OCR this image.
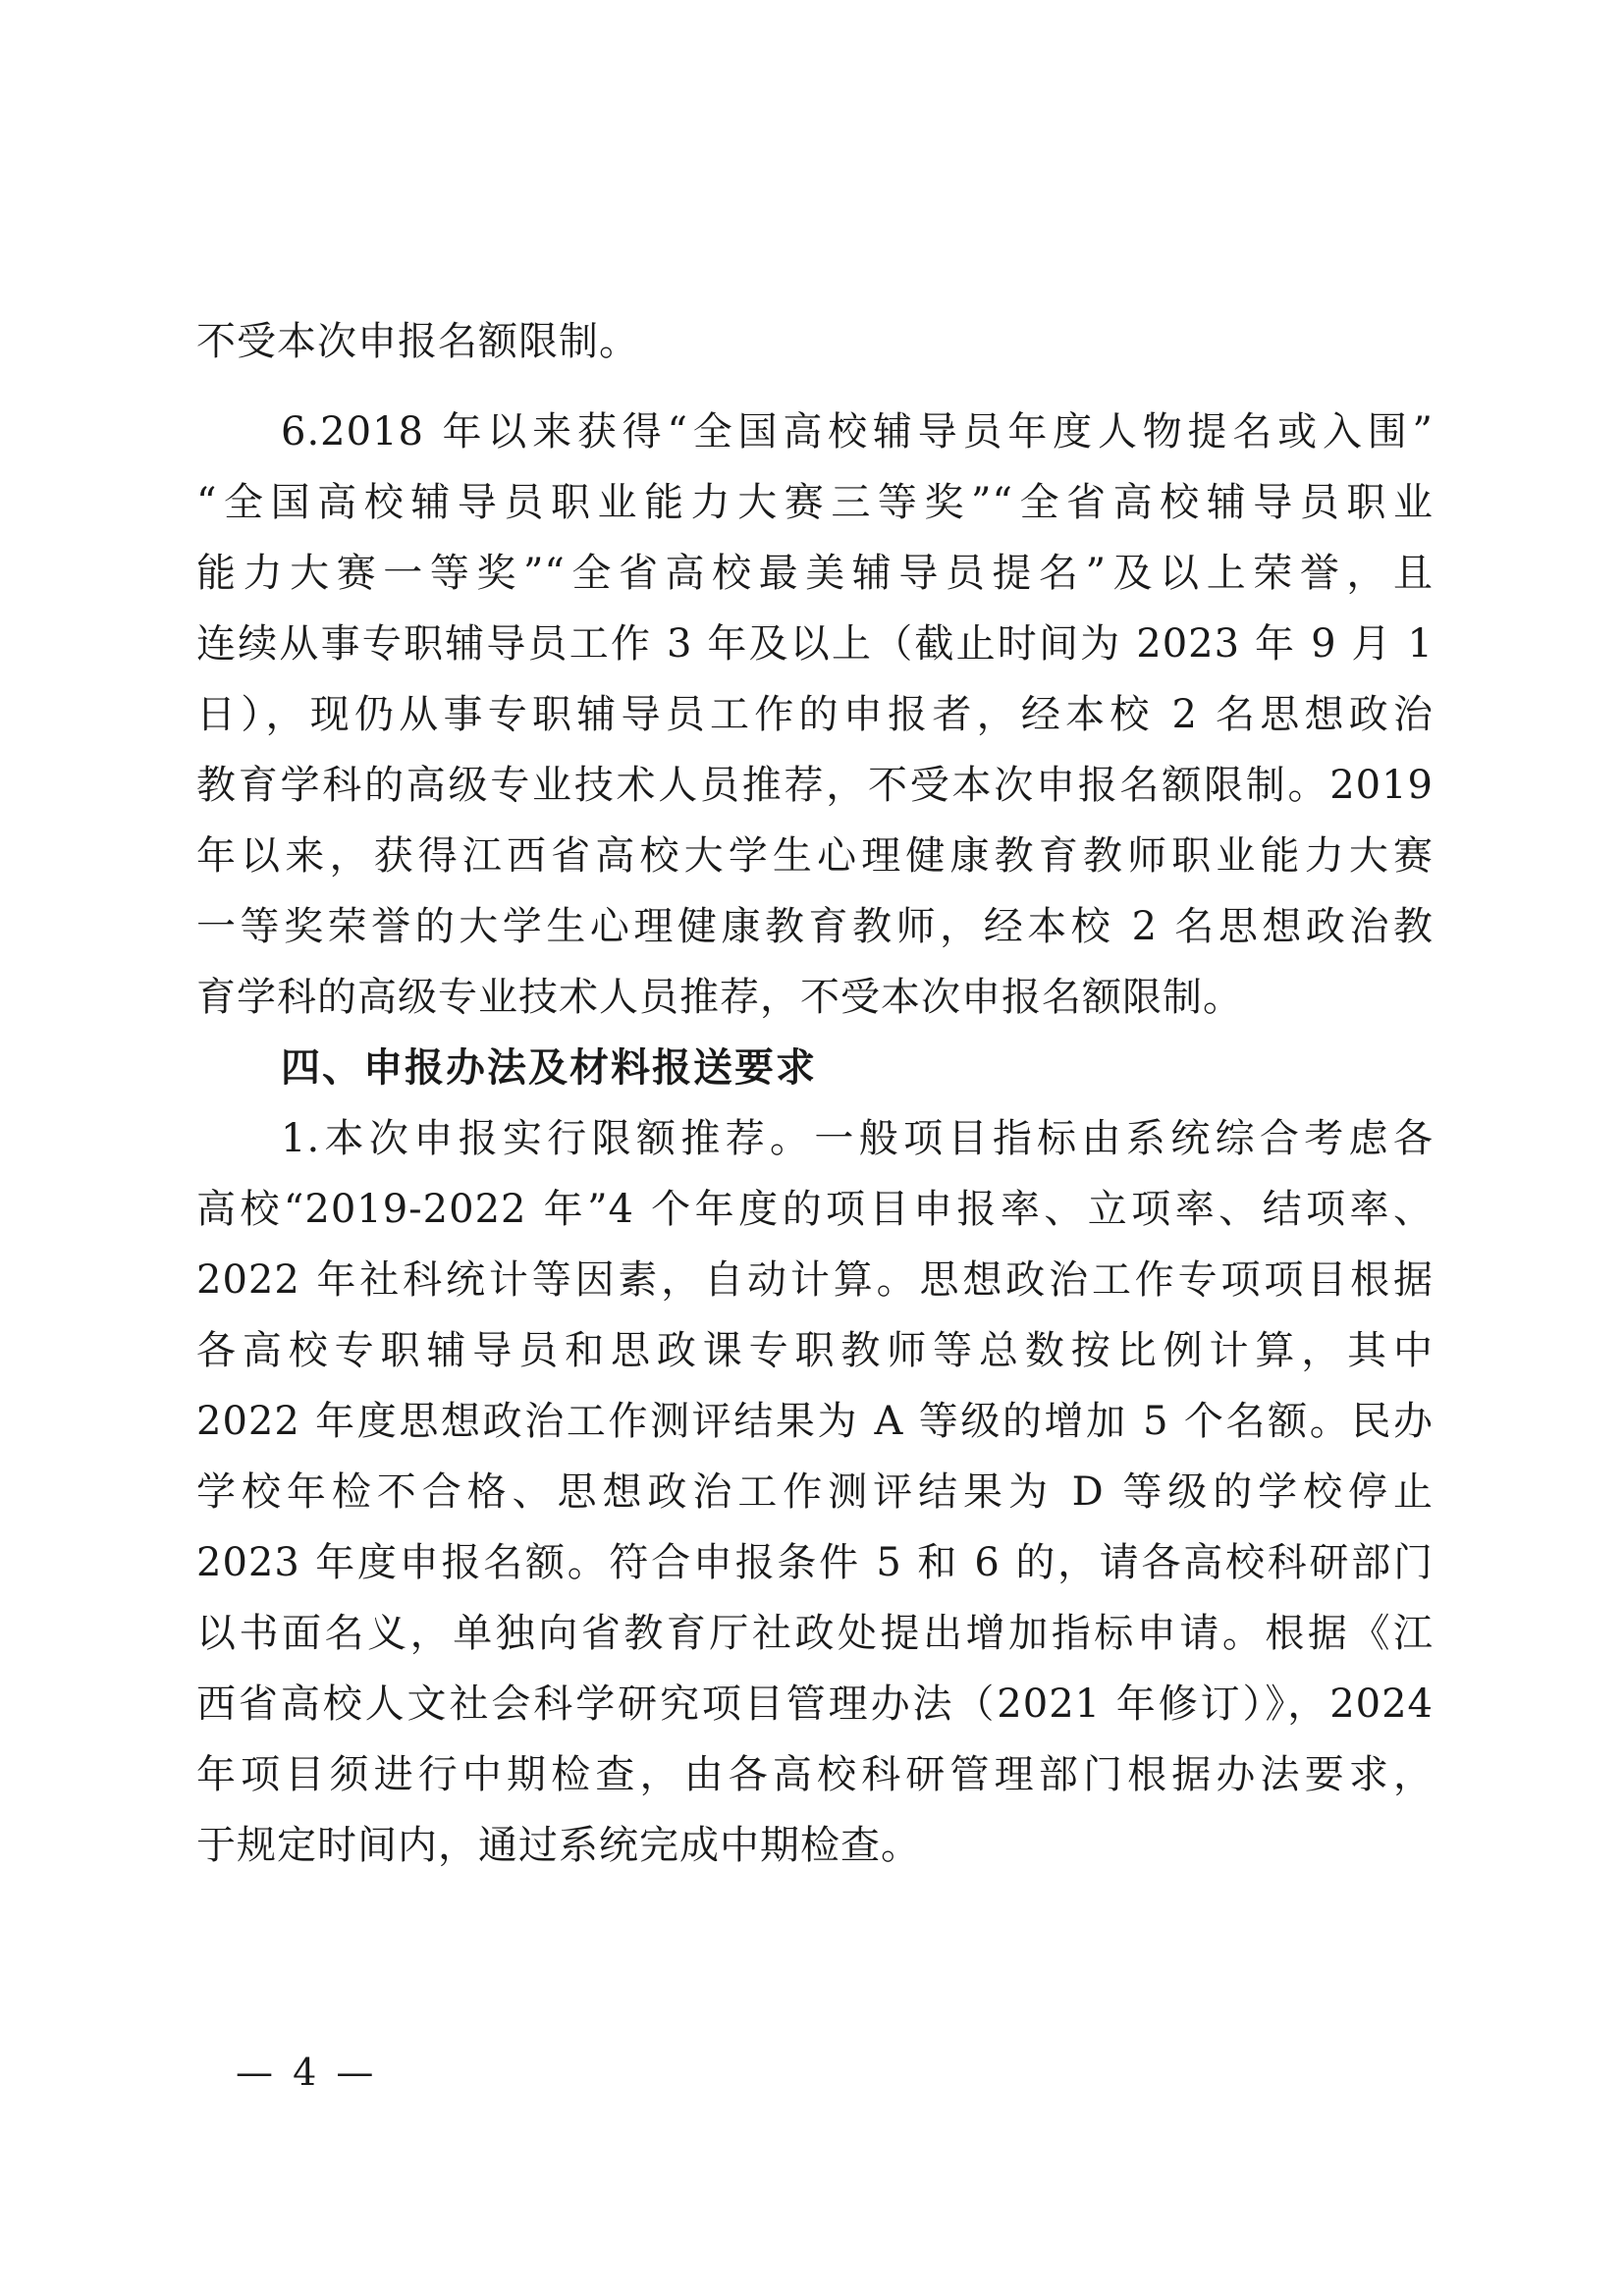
不受本次申报名额限制。
6.2018 年以来获得“全国高校辅导员年度人物提名或入围”
“全国高校辅导员职业能力大赛三等奖”“全省高校辅导员职业
能力大赛一等奖”“全省高校最美辅导员提名”及以上荣誉，且
连续从事专职辅导员工作 3 年及以上（截止时间为 2023 年 9 月 1
日），现仍从事专职辅导员工作的申报者，经本校 2 名思想政治
教育学科的高级专业技术人员推荐，不受本次申报名额限制。2019
年以来，获得江西省高校大学生心理健康教育教师职业能力大赛
一等奖荣誉的大学生心理健康教育教师，经本校 2 名思想政治教
育学科的高级专业技术人员推荐，不受本次申报名额限制。
四、申报办法及材料报送要求
1.本次申报实行限额推荐。一般项目指标由系统综合考虑各
高校“2019-2022 年”4 个年度的项目申报率、立项率、结项率、
2022 年社科统计等因素，自动计算。思想政治工作专项项目根据
各高校专职辅导员和思政课专职教师等总数按比例计算，其中
2022 年度思想政治工作测评结果为 A 等级的增加 5 个名额。民办
学校年检不合格、思想政治工作测评结果为 D 等级的学校停止
2023 年度申报名额。符合申报条件 5 和 6 的，请各高校科研部门
以书面名义，单独向省教育厅社政处提出增加指标申请。根据《江
西省高校人文社会科学研究项目管理办法（2021 年修订）》，2024
年项目须进行中期检查，由各高校科研管理部门根据办法要求，
于规定时间内，通过系统完成中期检查。
— 4 —
